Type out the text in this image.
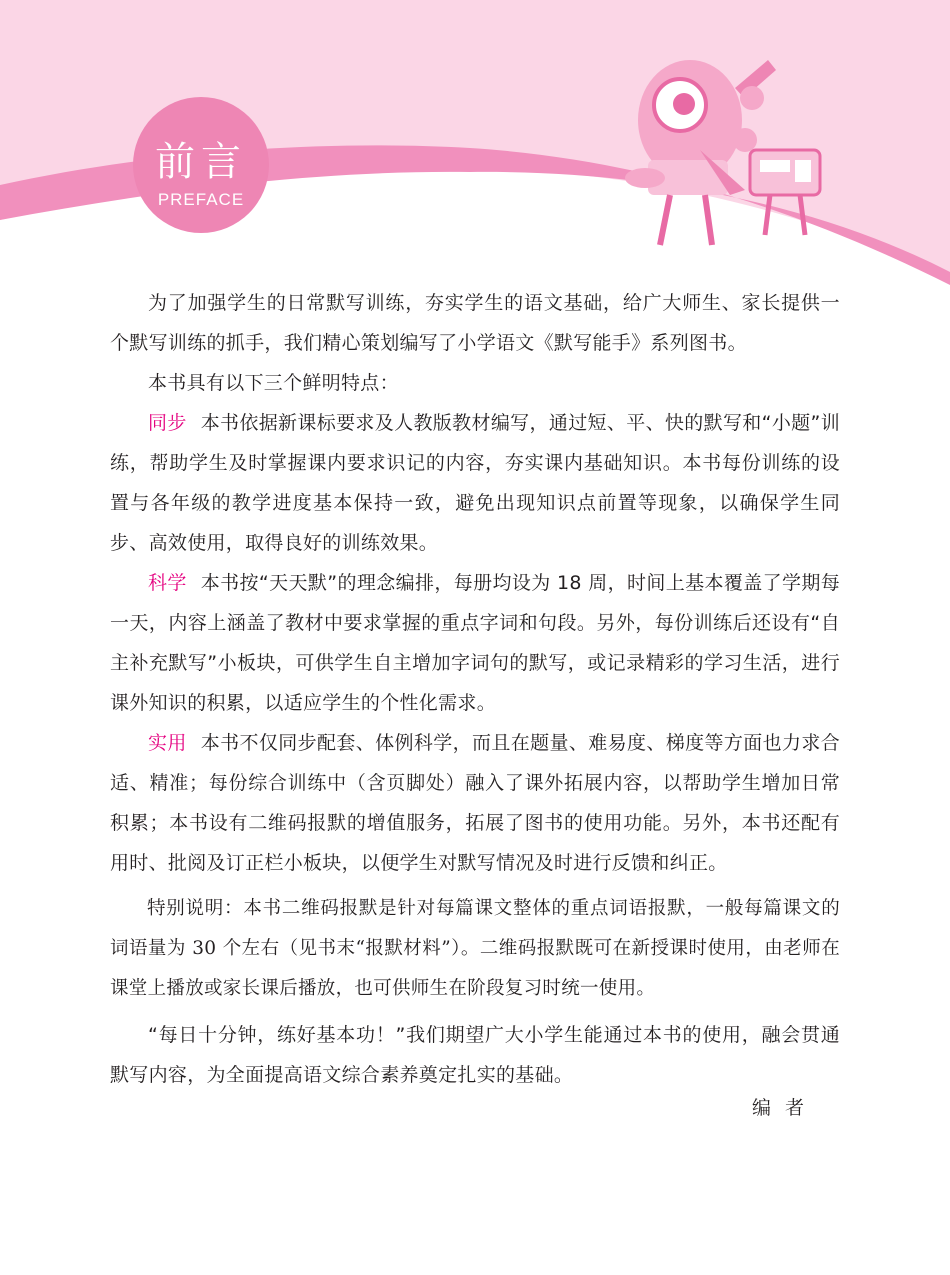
前言
PREFACE

为了加强学生的日常默写训练，夯实学生的语文基础，给广大师生、家长提供一个默写训练的抓手，我们精心策划编写了小学语文《默写能手》系列图书。

本书具有以下三个鲜明特点：

同步 本书依据新课标要求及人教版教材编写，通过短、平、快的默写和“小题”训练，帮助学生及时掌握课内要求识记的内容，夯实课内基础知识。本书每份训练的设置与各年级的教学进度基本保持一致，避免出现知识点前置等现象，以确保学生同步、高效使用，取得良好的训练效果。

科学 本书按“天天默”的理念编排，每册均设为 18 周，时间上基本覆盖了学期每一天，内容上涵盖了教材中要求掌握的重点字词和句段。另外，每份训练后还设有“自主补充默写”小板块，可供学生自主增加字词句的默写，或记录精彩的学习生活，进行课外知识的积累，以适应学生的个性化需求。

实用 本书不仅同步配套、体例科学，而且在题量、难易度、梯度等方面也力求合适、精准；每份综合训练中（含页脚处）融入了课外拓展内容，以帮助学生增加日常积累；本书设有二维码报默的增值服务，拓展了图书的使用功能。另外，本书还配有用时、批阅及订正栏小板块，以便学生对默写情况及时进行反馈和纠正。

特别说明：本书二维码报默是针对每篇课文整体的重点词语报默，一般每篇课文的词语量为 30 个左右（见书末“报默材料”）。二维码报默既可在新授课时使用，由老师在课堂上播放或家长课后播放，也可供师生在阶段复习时统一使用。

“每日十分钟，练好基本功！”我们期望广大小学生能通过本书的使用，融会贯通默写内容，为全面提高语文综合素养奠定扎实的基础。

编者
